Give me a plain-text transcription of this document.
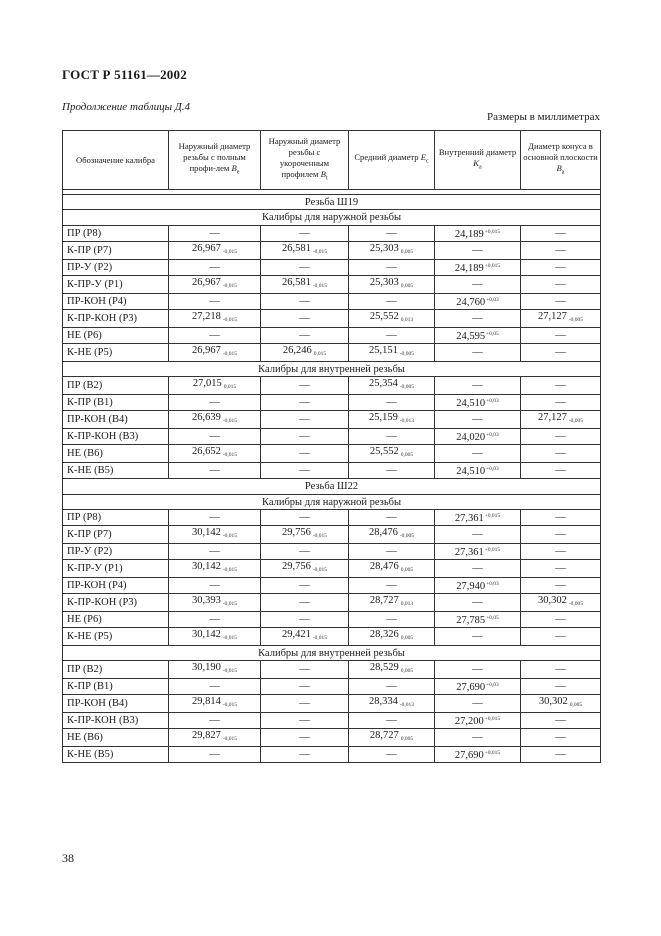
ГОСТ Р 51161—2002
Продолжение таблицы Д.4
Размеры в миллиметрах
Обозначение калибра	Наружный диаметр резьбы с полным профи-лем $B_e$	Наружный диаметр резьбы с укороченным профилем $B_t$	Средний диаметр $E_c$	Внутренний диаметр $K_a$	Диаметр конуса в основной плоскости $B_a$

Резьба Ш19					
Калибры для наружной резьбы					
ПР (Р8)	—	—	—	$24,189^{+0,015}$	—
К-ПР (Р7)	26,967 $_{-0,015}$	26,581 $_{-0,015}$	25,303 $_{0,005}$	—	—
ПР-У (Р2)	—	—	—	$24,189^{+0,015}$	—
К-ПР-У (Р1)	26,967 $_{-0,015}$	26,581 $_{-0,015}$	25,303 $_{0,005}$	—	—
ПР-КОН (Р4)	—	—	—	$24,760^{+0,03}$	—
К-ПР-КОН (Р3)	27,218 $_{-0,015}$	—	25,552 $_{0,013}$	—	27,127 $_{-0,005}$
НЕ (Р6)	—	—	—	$24,595^{+0,05}$	—
К-НЕ (Р5)	26,967 $_{-0,015}$	26,246 $_{0,015}$	25,151 $_{-0,005}$	—	—
Калибры для внутренней резьбы					
ПР (В2)	27,015 $_{0,015}$	—	25,354 $_{-0,005}$	—	—
К-ПР (В1)	—	—	—	$24,510^{+0,03}$	—
ПР-КОН (В4)	26,639 $_{-0,015}$	—	25,159 $_{-0,013}$	—	27,127 $_{-0,005}$
К-ПР-КОН (В3)	—	—	—	$24,020^{+0,03}$	—
НЕ (В6)	26,652 $_{-0,015}$	—	25,552 $_{0,005}$	—	—
К-НЕ (В5)	—	—	—	$24,510^{+0,03}$	—
Резьба Ш22					
Калибры для наружной резьбы					
ПР (Р8)	—	—	—	$27,361^{+0,015}$	—
К-ПР (Р7)	30,142 $_{-0,015}$	29,756 $_{-0,015}$	28,476 $_{-0,005}$	—	—
ПР-У (Р2)	—	—	—	$27,361^{+0,015}$	—
К-ПР-У (Р1)	30,142 $_{-0,015}$	29,756 $_{-0,015}$	28,476 $_{0,005}$	—	—
ПР-КОН (Р4)	—	—	—	$27,940^{+0,03}$	—
К-ПР-КОН (Р3)	30,393 $_{-0,015}$	—	28,727 $_{0,013}$	—	30,302 $_{-0,005}$
НЕ (Р6)	—	—	—	$27,785^{+0,05}$	—
К-НЕ (Р5)	30,142 $_{-0,015}$	29,421 $_{-0,015}$	28,326 $_{0,005}$	—	—
Калибры для внутренней резьбы					
ПР (В2)	30,190 $_{-0,015}$	—	28,529 $_{0,005}$	—	—
К-ПР (В1)	—	—	—	$27,690^{+0,03}$	—
ПР-КОН (В4)	29,814 $_{-0,015}$	—	28,334 $_{-0,013}$	—	30,302 $_{0,005}$
К-ПР-КОН (В3)	—	—	—	$27,200^{+0,015}$	—
НЕ (В6)	29,827 $_{-0,015}$	—	28,727 $_{0,005}$	—	—
К-НЕ (В5)	—	—	—	$27,690^{+0,015}$	—
38
